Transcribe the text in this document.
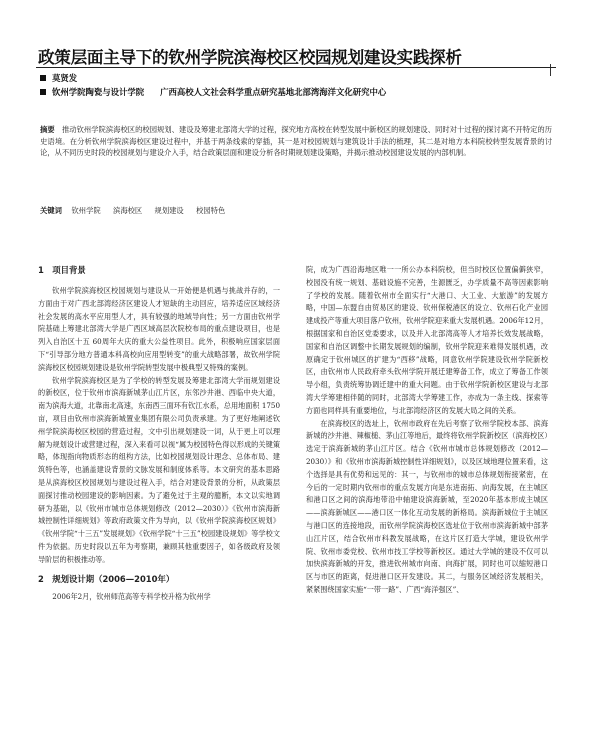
政策层面主导下的钦州学院滨海校区校园规划建设实践探析
莫贤发
钦州学院陶瓷与设计学院 广西高校人文社会科学重点研究基地北部湾海洋文化研究中心
摘要　 推动钦州学院滨海校区的校园规划、建设及筹建北部湾大学的过程，探究地方高校在转型发展中新校区的规划建设、同时对十过程的探讨离不开特定的历史语境。在分析钦州学院滨海校区建设过程中，并基于两条线索的穿插，其一是对校园规划与建筑设计手法的梳理，其二是对地方本科院校转型发展背景的讨论，从不同历史时段的校园规划与建设介入手，结合政策层面和建设分析各时期规划建设策略，并揭示推动校园建设发展的内部机制。
关键词　 钦州学院 滨海校区 规划建设 校园特色
1　项目背景

钦州学院滨海校区校园规划与建设从一开始便是机遇与挑战并存的，一方面由于对广西北部湾经济区建设人才短缺的主动回应，培养适应区域经济社会发展的高水平应用型人才，具有较强的地域导向性；另一方面由钦州学院基础上筹建北部湾大学是广西区域高层次院校布局的重点建设项目，也是列入自治区十五 60周年大庆的重大公益性项目。此外，积极响应国家层面下“引导部分地方普通本科高校向应用型转变”的重大战略部署，故钦州学院滨海校区校园规划建设是钦州学院转型发展中极典型又特殊的案例。

钦州学院滨海校区是为了学校的转型发展及筹建北部湾大学而规划建设的新校区，位于钦州市滨海新城茅山江片区，东邻沙井港、西临中央大道，南为滨海大道，北靠南北高速，东南西三面环有钦江水系，总用地面积 1750亩，项目由钦州市滨海新城置业集团有限公司负责承建。为了更好地阐述钦州学院滨海校区校园的营造过程，文中引出规划建设一词，从于更上可以理解为规划设计或营建过程，深入来看可以视“属为校园特色得以形成的关键策略，体现指向物质形态的组构方法，比如校园规划设计理念、总体布局、建筑特色等，也涵盖建设背景的文脉发展和制度体系等。本文研究的基本思路是从滨海校区校园规划与建设过程入手，结合对建设背景的分析，从政策层面探讨推动校园建设的影响因素。为了避免过于主观的臆断，本文以实地调研为基础，以《钦州市城市总体规划修改（2012—2030）》《钦州市滨海新城控制性详细规划》等政府政策文件为导向，以《钦州学院滨海校区规划》《钦州学院“十三五”发展规划》《钦州学院“十三五”校园建设规划》等学校文件为依据。历史时段以五年为考察期，兼顾其他重要因子，如各级政府及领导阶层的积极推动等。

2　规划设计期（2006—2010年）

2006年2月，钦州师范高等专科学校升格为钦州学

院，成为广西沿海地区唯一一所公办本科院校，但当时校区位置偏僻狭窄，校园没有统一规划、基础设施不完善，生源匮乏，办学质量不高等因素影响了学校的发展。随着钦州市全面实行“大港口、大工业、大旅游”的发展方略，中国—东盟自由贸易区的建设、钦州保税港区的设立、钦州石化产业园建成投产等重大项目落户钦州，钦州学院迎来重大发展机遇。2006年12月，根据国家和自治区党委要求，以及并入北部湾高等人才培养长效发展战略，国家和自治区调整中长期发展规划的编制，钦州学院迎来难得发展机遇，改原确定于钦州城区的扩建为“西移”战略，同意钦州学院建设钦州学院新校区，由钦州市人民政府牵头钦州学院开展迁建筹备工作，成立了筹备工作领导小组，负责统筹协调迁建中的重大问题。由于钦州学院新校区建设与北部湾大学筹建相伴随的同时，北部湾大学筹建工作，亦成为一条主线、探索等方面也同样具有重要地位，与北部湾经济区的发展大局之间的关系。

在滨海校区的选址上，钦州市政府在先后考察了钦州学院校本部、滨海新城的沙井港、辣椒槌、茅山江等地后，最终将钦州学院新校区（滨海校区）选定于滨海新城的茅山江片区。结合《钦州市城市总体规划修改（2012—2030）》和《钦州市滨海新城控制性详细规划》，以及区域地理位置来看，这个选择是具有优势和远见的：其一，与钦州市的城市总体规划衔接紧密，在今后的一定时期内钦州市的重点发展方向是东进南拓、向海发展，在主城区和港口区之间的滨海地带沿中轴建设滨海新城，至2020年基本形成主城区——滨海新城区——港口区一体化互动发展的新格局。滨海新城位于主城区与港口区的连接地段，而钦州学院滨海校区选址位于钦州市滨海新城中部茅山江片区，结合钦州市科教发展战略，在这片区打造大学城，建设钦州学院、钦州市委党校、钦州市技工学校等新校区。通过大学城的建设不仅可以加快滨海新城的开发，推进钦州城市向南、向海扩展，同时也可以缩短港口区与市区的距离，促进港口区开发建设。其二，与服务区域经济发展相关，紧紧围绕国家实施“一带一路”、广西“海洋强区”、
